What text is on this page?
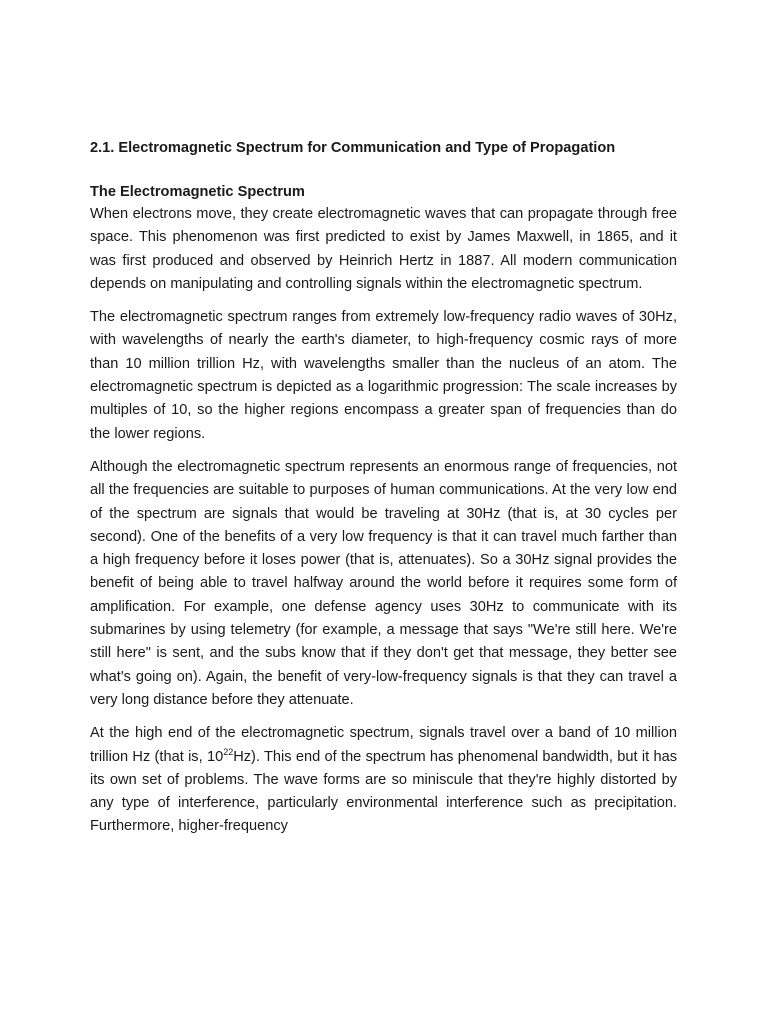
2.1. Electromagnetic Spectrum for Communication and Type of Propagation

The Electromagnetic Spectrum

When electrons move, they create electromagnetic waves that can propagate through free space. This phenomenon was first predicted to exist by James Maxwell, in 1865, and it was first produced and observed by Heinrich Hertz in 1887. All modern communication depends on manipulating and controlling signals within the electromagnetic spectrum.

The electromagnetic spectrum ranges from extremely low-frequency radio waves of 30Hz, with wavelengths of nearly the earth's diameter, to high-frequency cosmic rays of more than 10 million trillion Hz, with wavelengths smaller than the nucleus of an atom. The electromagnetic spectrum is depicted as a logarithmic progression: The scale increases by multiples of 10, so the higher regions encompass a greater span of frequencies than do the lower regions.

Although the electromagnetic spectrum represents an enormous range of frequencies, not all the frequencies are suitable to purposes of human communications. At the very low end of the spectrum are signals that would be traveling at 30Hz (that is, at 30 cycles per second). One of the benefits of a very low frequency is that it can travel much farther than a high frequency before it loses power (that is, attenuates). So a 30Hz signal provides the benefit of being able to travel halfway around the world before it requires some form of amplification. For example, one defense agency uses 30Hz to communicate with its submarines by using telemetry (for example, a message that says "We're still here. We're still here" is sent, and the subs know that if they don't get that message, they better see what's going on). Again, the benefit of very-low-frequency signals is that they can travel a very long distance before they attenuate.

At the high end of the electromagnetic spectrum, signals travel over a band of 10 million trillion Hz (that is, $10^{22}Hz$). This end of the spectrum has phenomenal bandwidth, but it has its own set of problems. The wave forms are so miniscule that they're highly distorted by any type of interference, particularly environmental interference such as precipitation. Furthermore, higher-frequency
